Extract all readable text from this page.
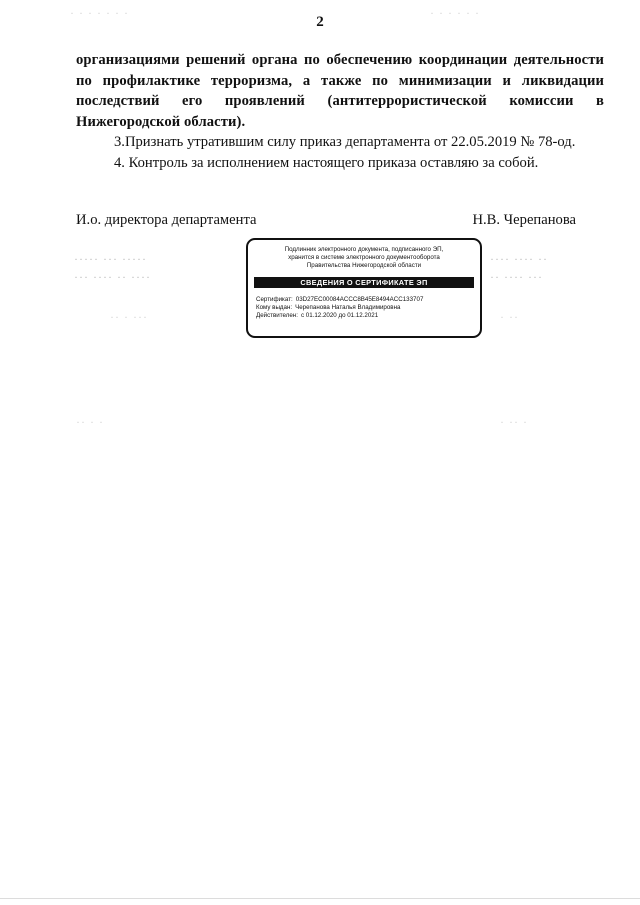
2

организациями решений органа по обеспечению координации деятельности по профилактике терроризма, а также по минимизации и ликвидации последствий его проявлений (антитеррористической комиссии в Нижегородской области).

3.Признать утратившим силу приказ департамента от 22.05.2019 № 78-од.

4. Контроль за исполнением настоящего приказа оставляю за собой.

И.о. директора департамента	Н.В. Черепанова
Подлинник электронного документа, подписанного ЭП,
хранится в системе электронного документооборота
Правительства Нижегородской области
СВЕДЕНИЯ О СЕРТИФИКАТЕ ЭП
Сертификат: 03D27EC00084ACCC8B45E8494ACC133707
Кому выдан: Черепанова Наталья Владимировна
Действителен: с 01.12.2020 до 01.12.2021
· · · · · · ·	· · · · · ·
····· ··· ·····
··· ···· ·· ····
···· ···· ··
·· ···· ···
·· · ···	· ··
·· · ·	· ·· ·
